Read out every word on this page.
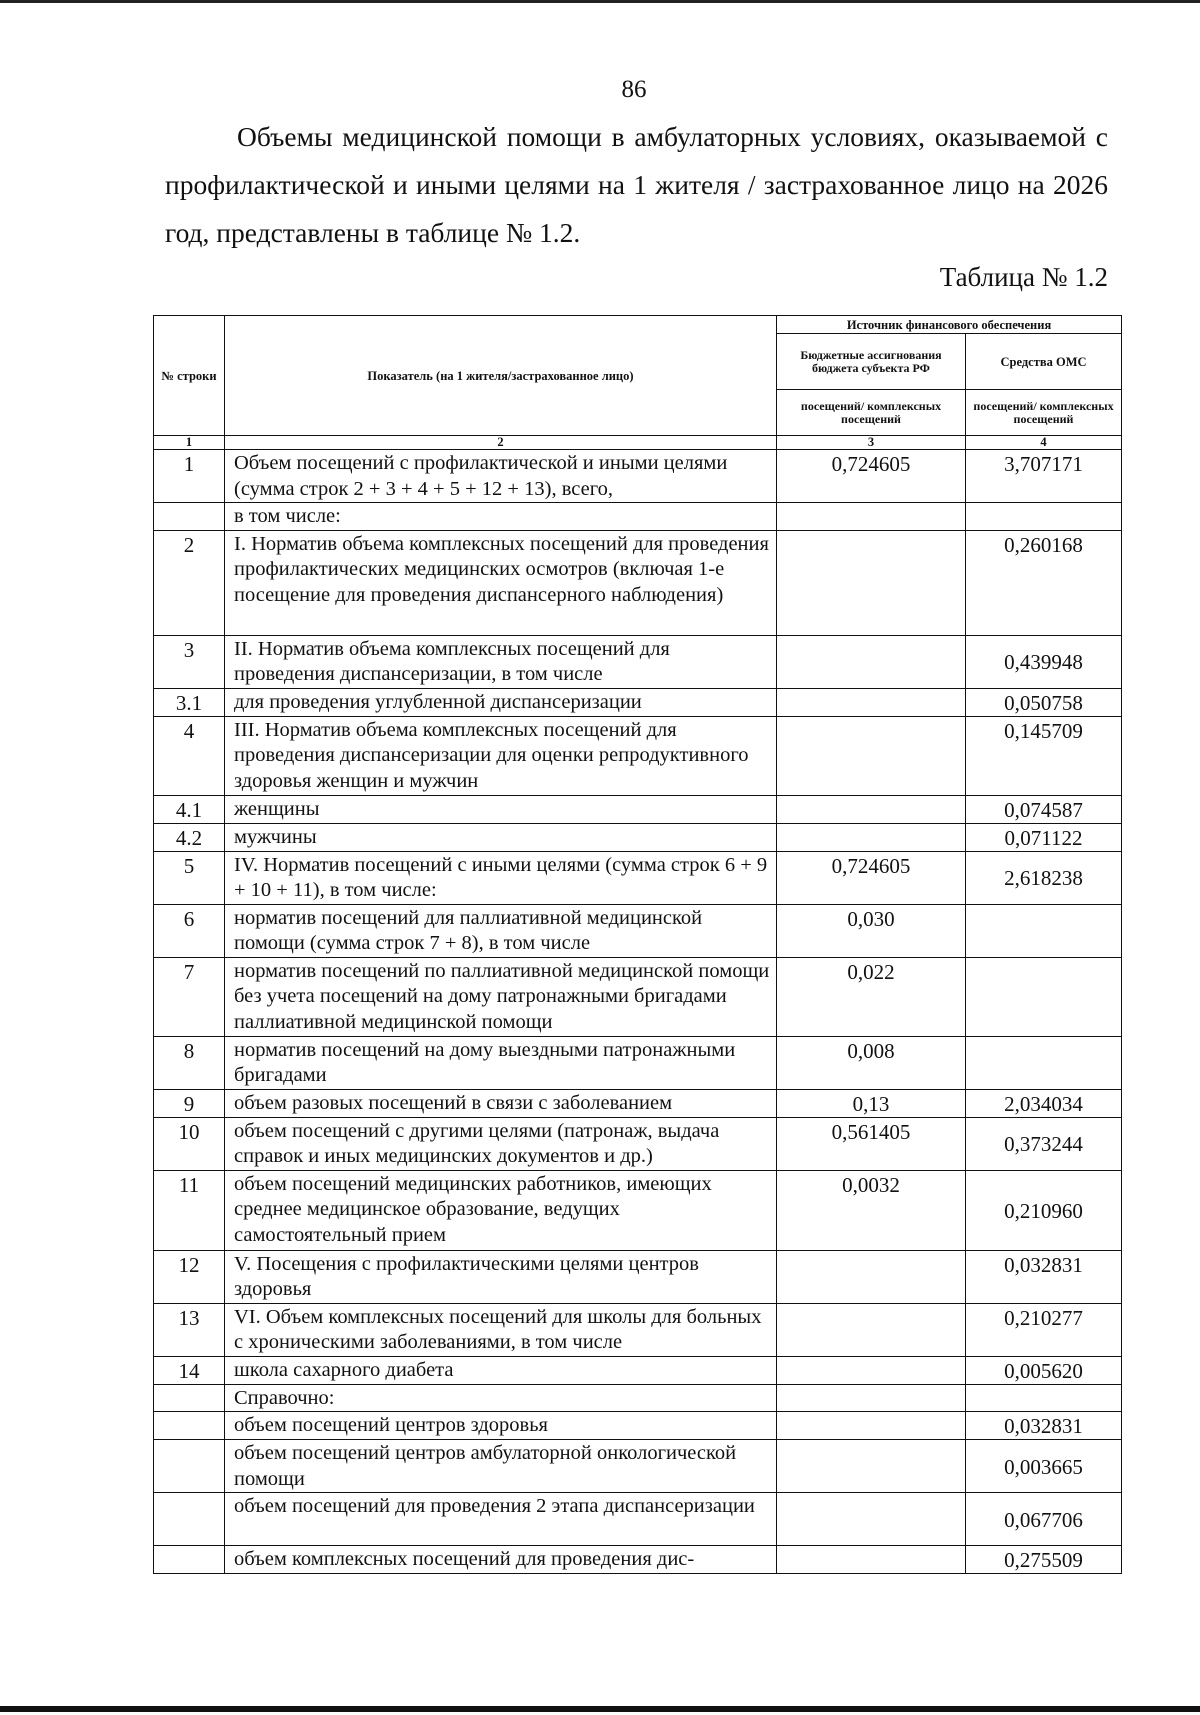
86

Объемы медицинской помощи в амбулаторных условиях, оказываемой с профилактической и иными целями на 1 жителя / застрахованное лицо на 2026 год, представлены в таблице № 1.2.

Таблица № 1.2
№ строки	Показатель (на 1 жителя/застрахованное лицо)	Источник финансового обеспечения	
		Бюджетные ассигнования бюджета субъекта РФ	Средства ОМС
		посещений/ комплексных посещений	посещений/ комплексных посещений
1	2	3	4
1	Объем посещений с профилактической и иными целями (сумма строк 2 + 3 + 4 + 5 + 12 + 13), всего,	0,724605	3,707171
	в том числе:		
2	I. Норматив объема комплексных посещений для проведения профилактических медицинских осмотров (включая 1-е посещение для проведения диспансерного наблюдения)		0,260168
3	II. Норматив объема комплексных посещений для проведения диспансеризации, в том числе		0,439948
3.1	для проведения углубленной диспансеризации		0,050758
4	III. Норматив объема комплексных посещений для проведения диспансеризации для оценки репродуктивного здоровья женщин и мужчин		0,145709
4.1	женщины		0,074587
4.2	мужчины		0,071122
5	IV. Норматив посещений с иными целями (сумма строк 6 + 9 + 10 + 11), в том числе:	0,724605	2,618238
6	норматив посещений для паллиативной медицинской помощи (сумма строк 7 + 8), в том числе	0,030	
7	норматив посещений по паллиативной медицинской помощи без учета посещений на дому патронажными бригадами паллиативной медицинской помощи	0,022	
8	норматив посещений на дому выездными патронажными бригадами	0,008	
9	объем разовых посещений в связи с заболеванием	0,13	2,034034
10	объем посещений с другими целями (патронаж, выдача справок и иных медицинских документов и др.)	0,561405	0,373244
11	объем посещений медицинских работников, имеющих среднее медицинское образование, ведущих самостоятельный прием	0,0032	0,210960
12	V. Посещения с профилактическими целями центров здоровья		0,032831
13	VI. Объем комплексных посещений для школы для больных с хроническими заболеваниями, в том числе		0,210277
14	школа сахарного диабета		0,005620
	Справочно:		
	объем посещений центров здоровья		0,032831
	объем посещений центров амбулаторной онкологической помощи		0,003665
	объем посещений для проведения 2 этапа диспансеризации		0,067706
	объем комплексных посещений для проведения дис-		0,275509
